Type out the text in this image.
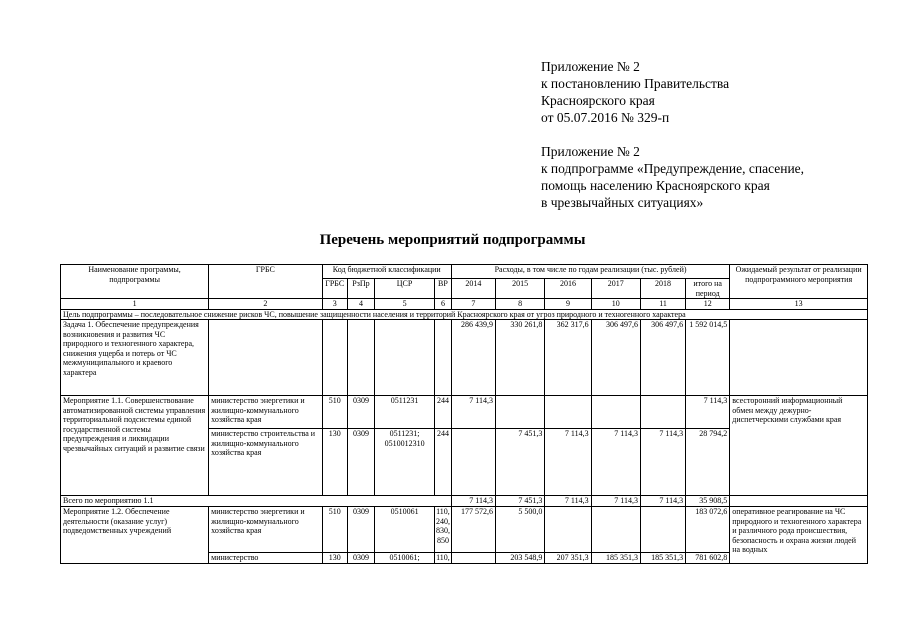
Приложение № 2
к постановлению Правительства
Красноярского края
от 05.07.2016 № 329-п
Приложение № 2
к подпрограмме «Предупреждение, спасение,
помощь населению Красноярского края
в чрезвычайных ситуациях»
Перечень мероприятий подпрограммы
Наименование программы, подпрограммы	ГРБС	Код бюджетной классификации				Расходы, в том числе по годам реализации (тыс. рублей)						Ожидаемый результат от реализации подпрограммного мероприятия
		ГРБС	РзПр	ЦСР	ВР	2014	2015	2016	2017	2018	итого на период	
1	2	3	4	5	6	7	8	9	10	11	12	13
Цель подпрограммы – последовательное снижение рисков ЧС, повышение защищенности населения и территорий Красноярского края от угроз природного и техногенного характера												
Задача 1. Обеспечение предупреждения возникновения и развития ЧС природного и техногенного характера, снижения ущерба и потерь от ЧС межмуниципального и краевого характера						286 439,9	330 261,8	362 317,6	306 497,6	306 497,6	1 592 014,5	
Мероприятие 1.1. Совершенствование автоматизированной системы управления территориальной подсистемы единой государственной системы предупреждения и ликвидации чрезвычайных ситуаций и развитие связи	министерство энергетики и жилищно-коммунального хозяйства края	510	0309	0511231	244	7 114,3					7 114,3	всесторонний информационный обмен между дежурно-диспетчерскими службами края
	министерство строительства и жилищно-коммунального хозяйства края	130	0309	0511231; 0510012310	244		7 451,3	7 114,3	7 114,3	7 114,3	28 794,2	
Всего по мероприятию 1.1						7 114,3	7 451,3	7 114,3	7 114,3	7 114,3	35 908,5	
Мероприятие 1.2. Обеспечение деятельности (оказание услуг) подведомственных учреждений	министерство энергетики и жилищно-коммунального хозяйства края	510	0309	0510061	110, 240, 830, 850	177 572,6	5 500,0				183 072,6	оперативное реагирование на ЧС природного и техногенного характера и различного рода происшествия, безопасность и охрана жизни людей на водных
	министерство	130	0309	0510061;	110,		203 548,9	207 351,3	185 351,3	185 351,3	781 602,8	
